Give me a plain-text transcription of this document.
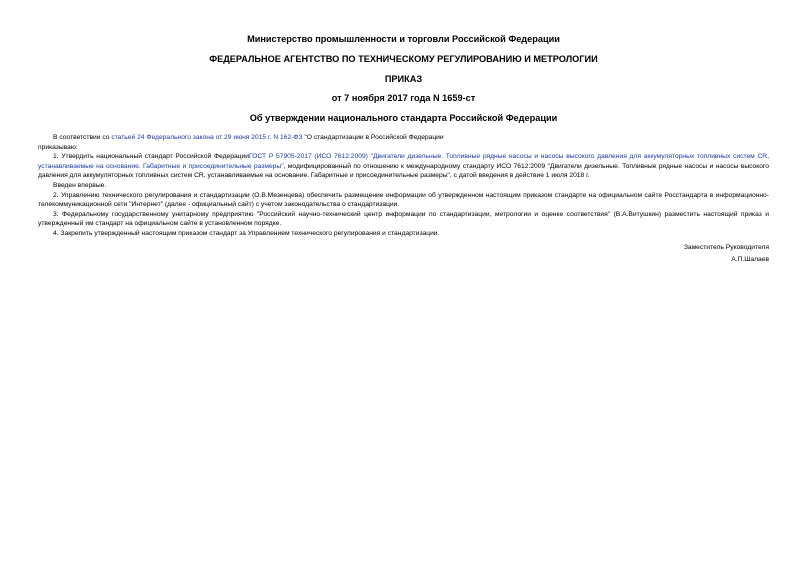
Министерство промышленности и торговли Российской Федерации
ФЕДЕРАЛЬНОЕ АГЕНТСТВО ПО ТЕХНИЧЕСКОМУ РЕГУЛИРОВАНИЮ И МЕТРОЛОГИИ
ПРИКАЗ
от 7 ноября 2017 года N 1659-ст
Об утверждении национального стандарта Российской Федерации

В соответствии со статьей 24 Федерального закона от 29 июня 2015 г. N 162-ФЗ "О стандартизации в Российской Федерации

приказываю:

1. Утвердить национальный стандарт Российской ФедерацииГОСТ Р 57905-2017 (ИСО 7612:2009) "Двигатели дизельные. Топливные рядные насосы и насосы высокого давления для аккумуляторных топливных систем CR, устанавливаемые на основание. Габаритные и присоединительные размеры", модифицированный по отношению к международному стандарту ИСО 7612:2009 "Двигатели дизельные. Топливные рядные насосы и насосы высокого давления для аккумуляторных топливных систем CR, устанавливаемые на основание. Габаритные и присоединительные размеры", с датой введения в действие 1 июля 2018 г.

Введен впервые.

2. Управлению технического регулирования и стандартизации (О.В.Мезенцева) обеспечить размещение информации об утвержденном настоящим приказом стандарте на официальном сайте Росстандарта в информационно-телекоммуникационной сети "Интернет" (далее - официальный сайт) с учетом законодательства о стандартизации.

3. Федеральному государственному унитарному предприятию "Российский научно-технический центр информации по стандартизации, метрологии и оценке соответствия" (В.А.Витушкин) разместить настоящий приказ и утвержденный им стандарт на официальном сайте в установленном порядке.

4. Закрепить утвержденный настоящим приказом стандарт за Управлением технического регулирования и стандартизации.

Заместитель Руководителя
А.П.Шалаев
